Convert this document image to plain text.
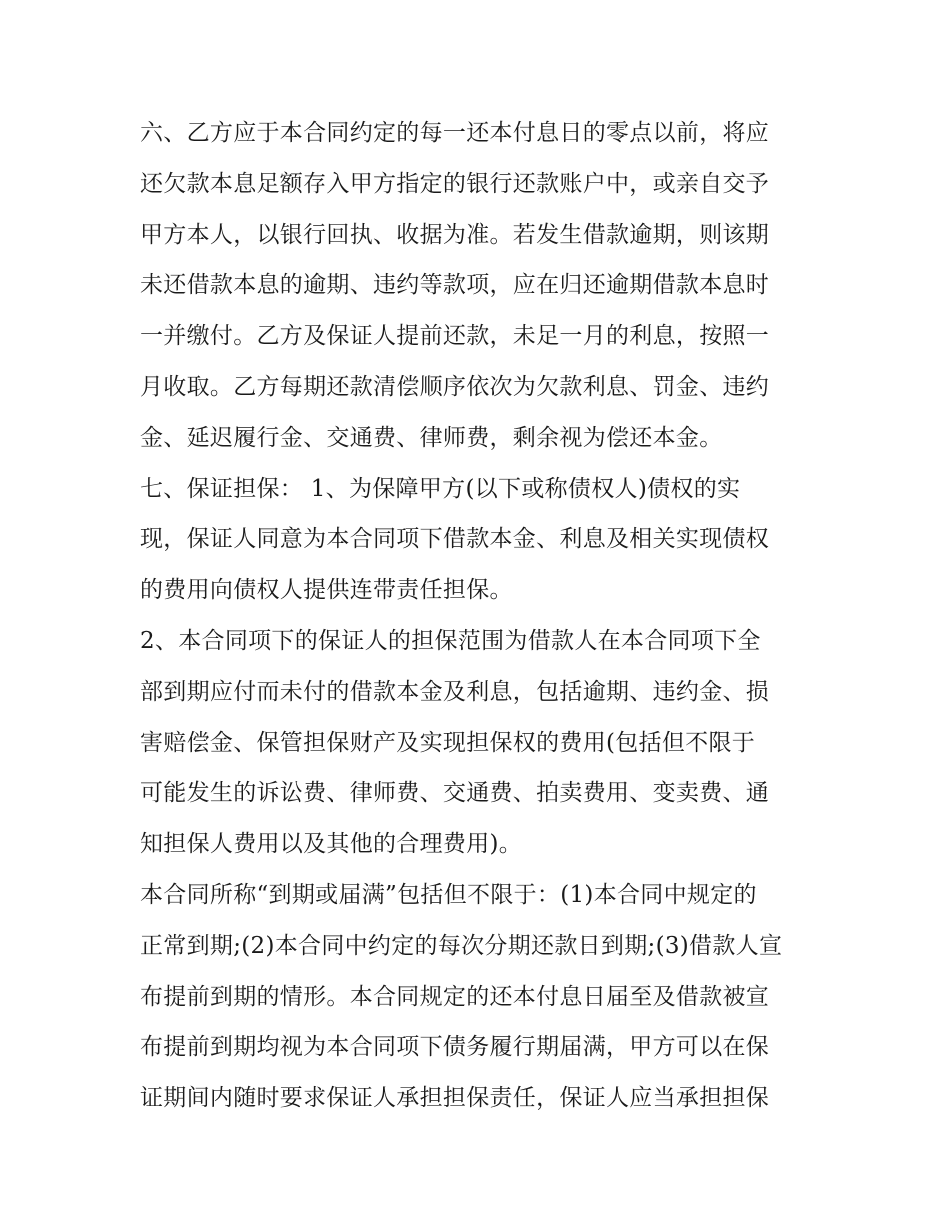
六、乙方应于本合同约定的每一还本付息日的零点以前，将应
还欠款本息足额存入甲方指定的银行还款账户中，或亲自交予
甲方本人，以银行回执、收据为准。若发生借款逾期，则该期
未还借款本息的逾期、违约等款项，应在归还逾期借款本息时
一并缴付。乙方及保证人提前还款，未足一月的利息，按照一
月收取。乙方每期还款清偿顺序依次为欠款利息、罚金、违约
金、延迟履行金、交通费、律师费，剩余视为偿还本金。
七、保证担保： 1、为保障甲方(以下或称债权人)债权的实
现，保证人同意为本合同项下借款本金、利息及相关实现债权
的费用向债权人提供连带责任担保。
2、本合同项下的保证人的担保范围为借款人在本合同项下全
部到期应付而未付的借款本金及利息，包括逾期、违约金、损
害赔偿金、保管担保财产及实现担保权的费用(包括但不限于
可能发生的诉讼费、律师费、交通费、拍卖费用、变卖费、通
知担保人费用以及其他的合理费用)。
本合同所称“到期或届满”包括但不限于：(1)本合同中规定的
正常到期;(2)本合同中约定的每次分期还款日到期;(3)借款人宣
布提前到期的情形。本合同规定的还本付息日届至及借款被宣
布提前到期均视为本合同项下债务履行期届满，甲方可以在保
证期间内随时要求保证人承担担保责任，保证人应当承担担保
